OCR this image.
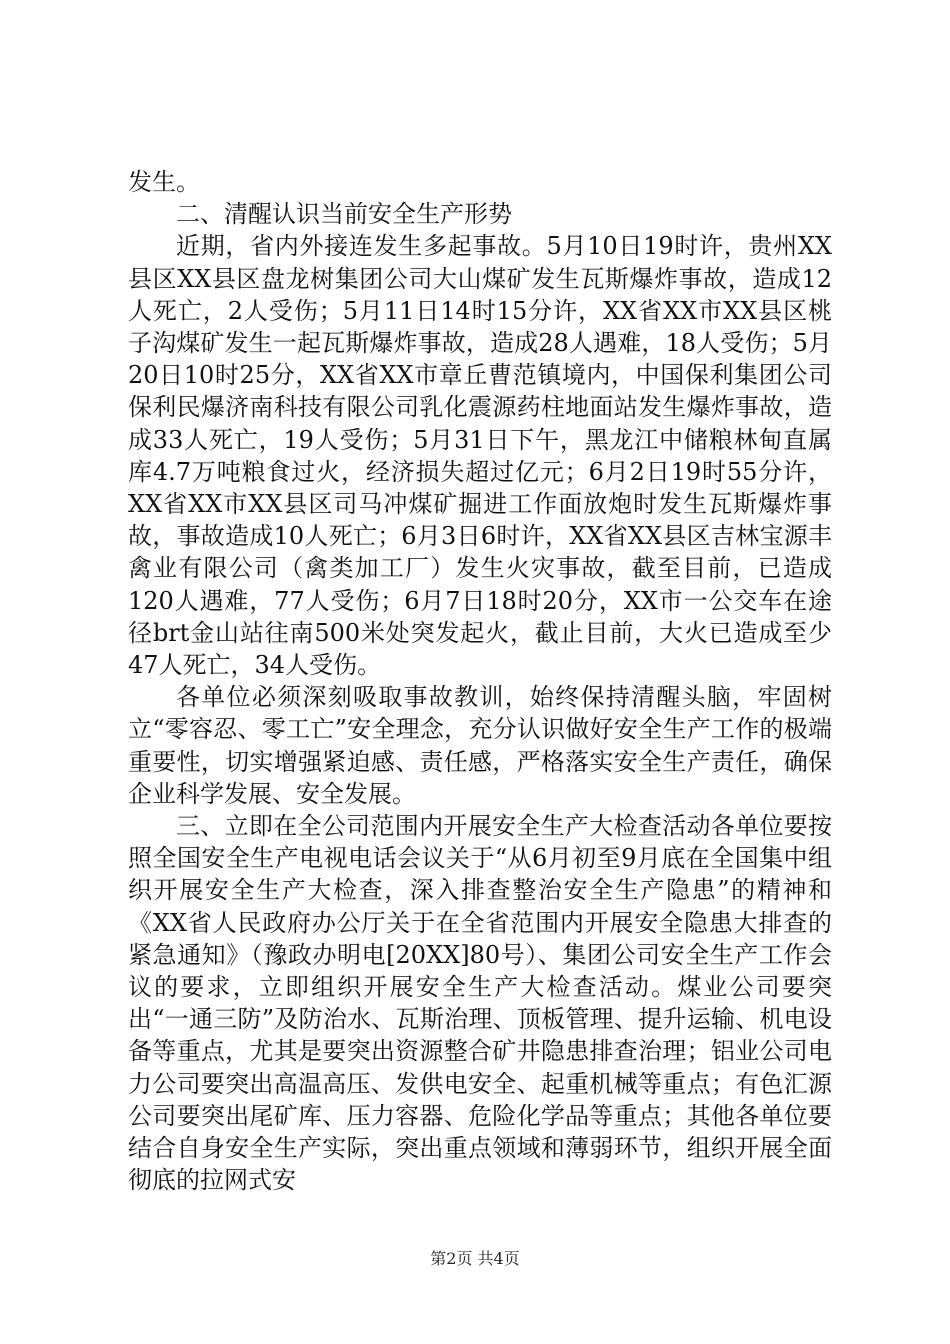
发生。

二、清醒认识当前安全生产形势

近期，省内外接连发生多起事故。5月10日19时许，贵州XX县区XX县区盘龙树集团公司大山煤矿发生瓦斯爆炸事故，造成12人死亡，2人受伤；5月11日14时15分许，XX省XX市XX县区桃子沟煤矿发生一起瓦斯爆炸事故，造成28人遇难，18人受伤；5月20日10时25分，XX省XX市章丘曹范镇境内，中国保利集团公司保利民爆济南科技有限公司乳化震源药柱地面站发生爆炸事故，造成33人死亡，19人受伤；5月31日下午，黑龙江中储粮林甸直属库4.7万吨粮食过火，经济损失超过亿元；6月2日19时55分许，XX省XX市XX县区司马冲煤矿掘进工作面放炮时发生瓦斯爆炸事故，事故造成10人死亡；6月3日6时许，XX省XX县区吉林宝源丰禽业有限公司（禽类加工厂）发生火灾事故，截至目前，已造成120人遇难，77人受伤；6月7日18时20分，XX市一公交车在途径brt金山站往南500米处突发起火，截止目前，大火已造成至少47人死亡，34人受伤。

各单位必须深刻吸取事故教训，始终保持清醒头脑，牢固树立“零容忍、零工亡”安全理念，充分认识做好安全生产工作的极端重要性，切实增强紧迫感、责任感，严格落实安全生产责任，确保企业科学发展、安全发展。

三、立即在全公司范围内开展安全生产大检查活动各单位要按照全国安全生产电视电话会议关于“从6月初至9月底在全国集中组织开展安全生产大检查，深入排查整治安全生产隐患”的精神和《XX省人民政府办公厅关于在全省范围内开展安全隐患大排查的紧急通知》（豫政办明电[20XX]80号）、集团公司安全生产工作会议的要求，立即组织开展安全生产大检查活动。煤业公司要突出“一通三防”及防治水、瓦斯治理、顶板管理、提升运输、机电设备等重点，尤其是要突出资源整合矿井隐患排查治理；铝业公司电力公司要突出高温高压、发供电安全、起重机械等重点；有色汇源公司要突出尾矿库、压力容器、危险化学品等重点；其他各单位要结合自身安全生产实际，突出重点领域和薄弱环节，组织开展全面彻底的拉网式安

第2页 共4页
